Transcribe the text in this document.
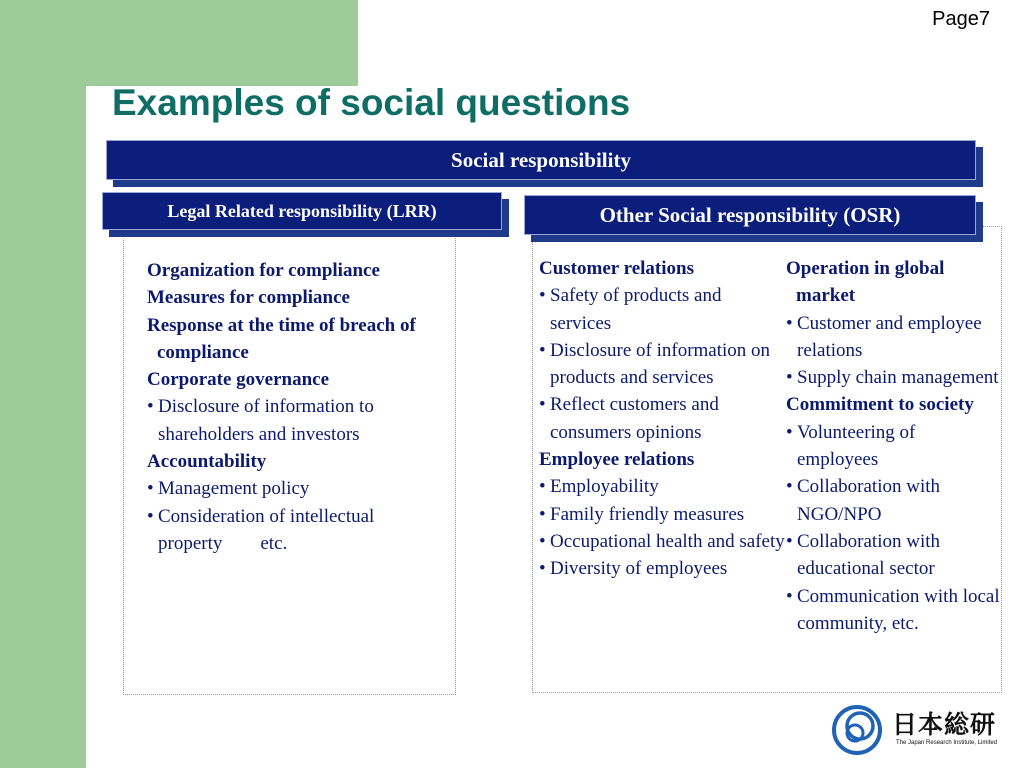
Page7
Examples of social questions
Social responsibility
Legal Related responsibility (LRR)	Other Social responsibility (OSR)
Organization for compliance
Measures for compliance
Response at the time of breach of compliance
Corporate governance
• Disclosure of information to shareholders and investors
Accountability
• Management policy
• Consideration of intellectual property        etc.
Customer relations
• Safety of products and services
• Disclosure of information on products and services
• Reflect customers and consumers opinions
Employee relations
• Employability
• Family friendly measures
• Occupational health and safety
• Diversity of employees
Operation in global market
• Customer and employee relations
• Supply chain management
Commitment to society
• Volunteering of employees
• Collaboration with NGO/NPO
• Collaboration with educational sector
• Communication with local community, etc.
日本総研
The Japan Research Institute, Limited
